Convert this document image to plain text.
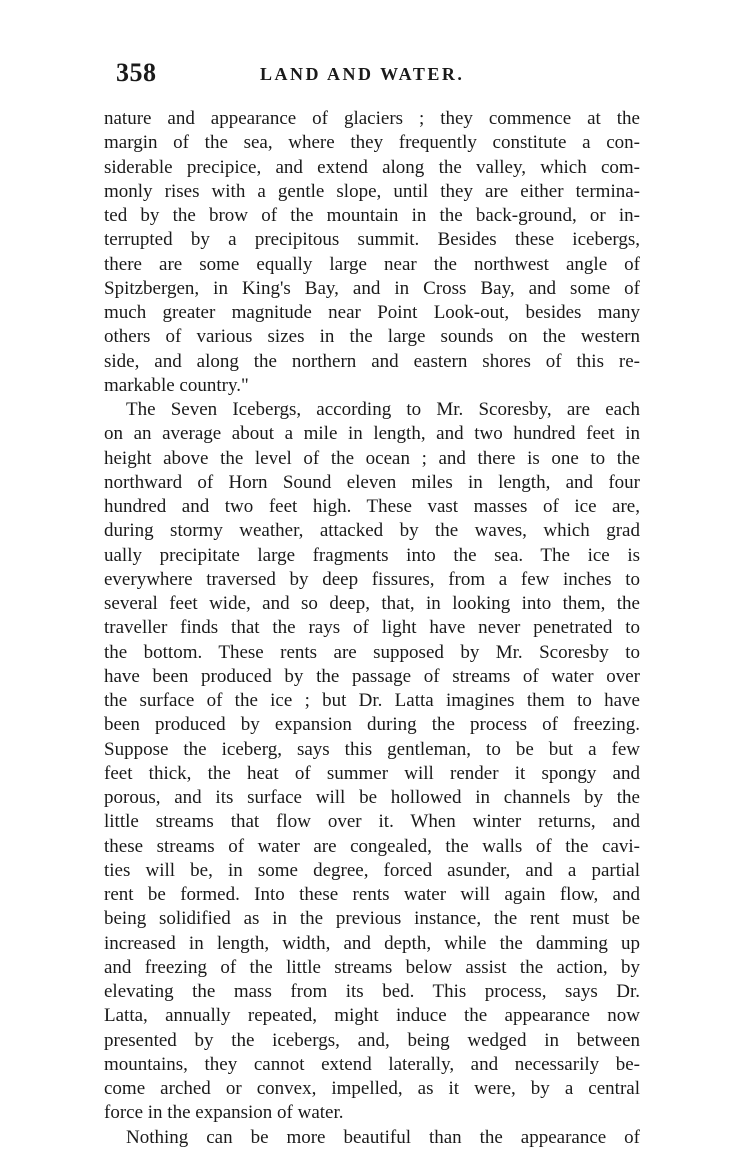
358	LAND AND WATER.
nature and appearance of glaciers ; they commence at the
margin of the sea, where they frequently constitute a con-
siderable precipice, and extend along the valley, which com-
monly rises with a gentle slope, until they are either termina-
ted by the brow of the mountain in the back-ground, or in-
terrupted by a precipitous summit. Besides these icebergs,
there are some equally large near the northwest angle of
Spitzbergen, in King's Bay, and in Cross Bay, and some of
much greater magnitude near Point Look-out, besides many
others of various sizes in the large sounds on the western
side, and along the northern and eastern shores of this re-
markable country."
The Seven Icebergs, according to Mr. Scoresby, are each
on an average about a mile in length, and two hundred feet in
height above the level of the ocean ; and there is one to the
northward of Horn Sound eleven miles in length, and four
hundred and two feet high. These vast masses of ice are,
during stormy weather, attacked by the waves, which grad
ually precipitate large fragments into the sea. The ice is
everywhere traversed by deep fissures, from a few inches to
several feet wide, and so deep, that, in looking into them, the
traveller finds that the rays of light have never penetrated to
the bottom. These rents are supposed by Mr. Scoresby to
have been produced by the passage of streams of water over
the surface of the ice ; but Dr. Latta imagines them to have
been produced by expansion during the process of freezing.
Suppose the iceberg, says this gentleman, to be but a few
feet thick, the heat of summer will render it spongy and
porous, and its surface will be hollowed in channels by the
little streams that flow over it. When winter returns, and
these streams of water are congealed, the walls of the cavi-
ties will be, in some degree, forced asunder, and a partial
rent be formed. Into these rents water will again flow, and
being solidified as in the previous instance, the rent must be
increased in length, width, and depth, while the damming up
and freezing of the little streams below assist the action, by
elevating the mass from its bed. This process, says Dr.
Latta, annually repeated, might induce the appearance now
presented by the icebergs, and, being wedged in between
mountains, they cannot extend laterally, and necessarily be-
come arched or convex, impelled, as it were, by a central
force in the expansion of water.
Nothing can be more beautiful than the appearance of
